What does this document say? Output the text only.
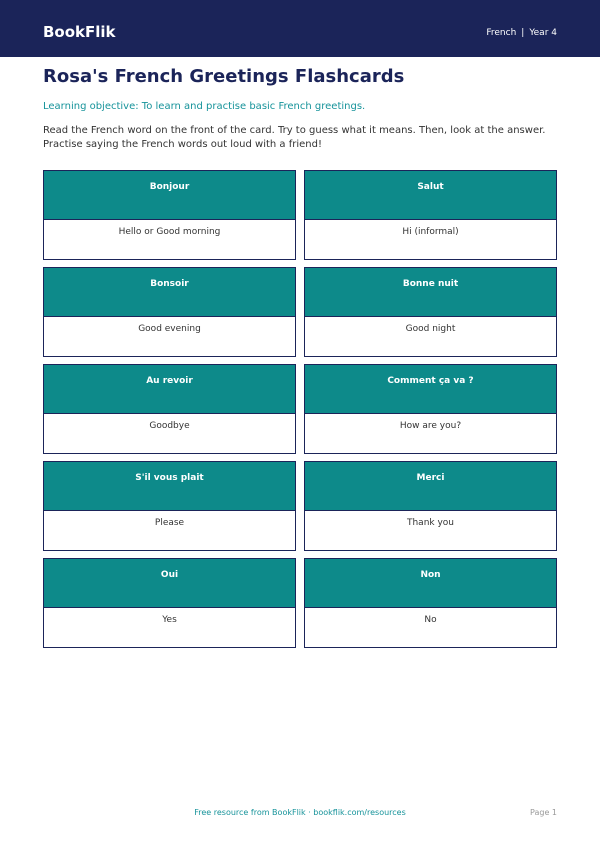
BookFlik	French | Year 4
Rosa's French Greetings Flashcards

Learning objective: To learn and practise basic French greetings.

Read the French word on the front of the card. Try to guess what it means. Then, look at the answer. Practise saying the French words out loud with a friend!

Bonjour
Hello or Good morning
Salut
Hi (informal)
Bonsoir
Good evening
Bonne nuit
Good night
Au revoir
Goodbye
Comment ça va ?
How are you?
S'il vous plait
Please
Merci
Thank you
Oui
Yes
Non
No
Free resource from BookFlik · bookflik.com/resources	Page 1
